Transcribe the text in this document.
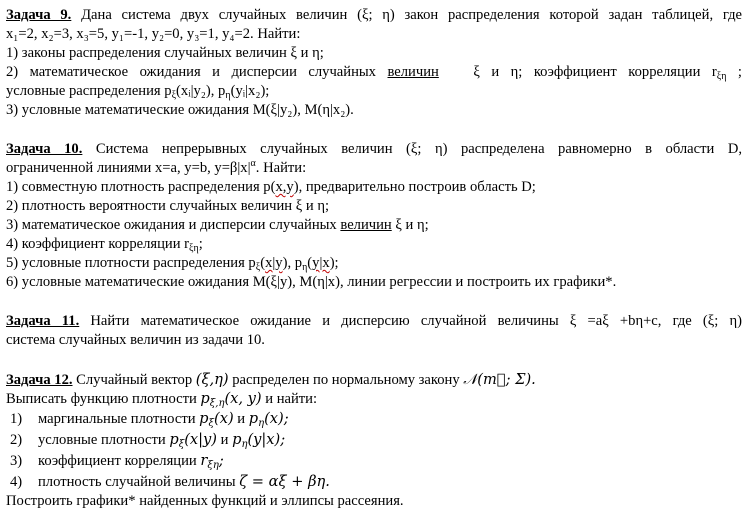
Задача 9. Дана система двух случайных величин (ξ; η) закон распределения которой задан таблицей, где
x₁=2, x₂=3, x₃=5, y₁=-1, y₂=0, y₃=1, y₄=2. Найти:
1) законы распределения случайных величин ξ и η;
2) математическое ожидания и дисперсии случайных величин ξ и η; коэффициент корреляции $r_{\xi\eta}$ ;
условные распределения $p_\xi(xᵢ|y_2)$, $p_\eta(yᵢ|x_2)$;
3) условные математические ожидания M(ξ|y₂), M(η|x₂).
Задача 10. Система непрерывных случайных величин (ξ; η) распределена равномерно в области D,
ограниченной линиями x=a, y=b, $y=\beta|x|^\alpha$. Найти:
1) совместную плотность распределения p(x,y), предварительно построив область D;
2) плотность вероятности случайных величин ξ и η;
3) математическое ожидания и дисперсии случайных величин ξ и η;
4) коэффициент корреляции $r_{\xi\eta}$;
5) условные плотности распределения $p_\xi(x|y)$, $p_\eta(y|x)$;
6) условные математические ожидания M(ξ|y), M(η|x), линии регрессии и построить их графики*.
Задача 11. Найти математическое ожидание и дисперсию случайной величины ξ =aξ +bη+c, где (ξ; η)
система случайных величин из задачи 10.
Задача 12. Случайный вектор (ξ,η) распределен по нормальному закону 𝒩(m⃗; Σ).
Выписать функцию плотности $p_{\xi,\eta}(x$, y) и найти:
1) маргинальные плотности $p_\xi(x)$ и $p_\eta(x)$;
2) условные плотности $p_\xi(x|y)$ и $p_\eta(y|x)$;
3) коэффициент корреляции $r_{\xi\eta}$;
4) плотность случайной величины ζ = αξ + βη.
Построить графики* найденных функций и эллипсы рассеяния.
